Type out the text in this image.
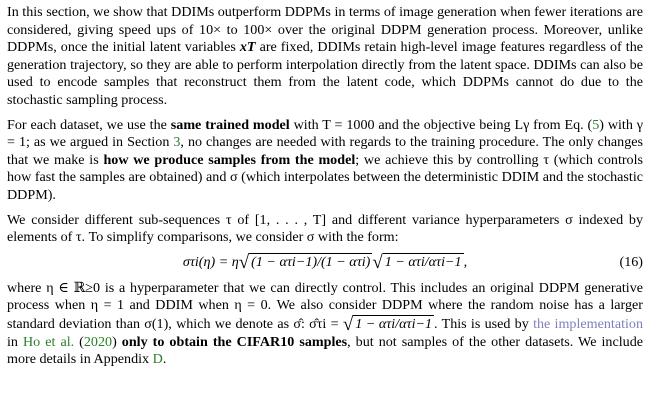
In this section, we show that DDIMs outperform DDPMs in terms of image generation when fewer iterations are considered, giving speed ups of 10× to 100× over the original DDPM generation process. Moreover, unlike DDPMs, once the initial latent variables xT are fixed, DDIMs retain high-level image features regardless of the generation trajectory, so they are able to perform interpolation directly from the latent space. DDIMs can also be used to encode samples that reconstruct them from the latent code, which DDPMs cannot do due to the stochastic sampling process.

For each dataset, we use the same trained model with T = 1000 and the objective being Lγ from Eq. (5) with γ = 1; as we argued in Section 3, no changes are needed with regards to the training procedure. The only changes that we make is how we produce samples from the model; we achieve this by controlling τ (which controls how fast the samples are obtained) and σ (which interpolates between the deterministic DDIM and the stochastic DDPM).

We consider different sub-sequences τ of [1, . . . , T] and different variance hyperparameters σ indexed by elements of τ. To simplify comparisons, we consider σ with the form:

στi(η) = η√ (1 − ατi−1)/(1 − ατi) √ 1 − ατi/ατi−1 ,	(16)

where η ∈ ℝ≥0 is a hyperparameter that we can directly control. This includes an original DDPM generative process when η = 1 and DDIM when η = 0. We also consider DDPM where the random noise has a larger standard deviation than σ(1), which we denote as σ̂: σ̂τi = √ 1 − ατi/ατi−1 . This is used by the implementation in Ho et al. (2020) only to obtain the CIFAR10 samples, but not samples of the other datasets. We include more details in Appendix D.
